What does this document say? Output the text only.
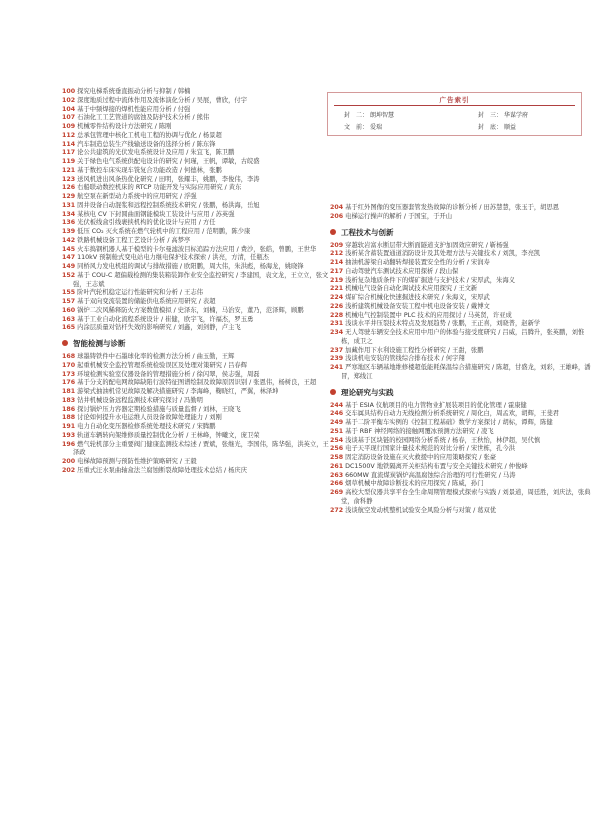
广告索引
封　二： 朗坤智慧	封　三： 华谋学府
文　前： 爱瑞	封　底： 顺益
100 探究电梯系统垂直振动分析与抑制 / 韩楠
102 深度地质过程中流体作用及流体演化分析 / 吴展，曹欣，付宇
104 基于中频焊接的焊机性能应用分析 / 付强
107 石油化工工艺管道的腐蚀及防护技术分析 / 熊伟
109 机械零件结构设计方法研究 / 陈刚
112 总承包管理中核化工机电工程的协调与优化 / 杨景超
114 汽车制造总装生产线输送设备的选择分析 / 陈东锋
117 论公共建筑的光伏发电系统设计及应用 / 朱宜飞，陈卫鹏
119 关于绿色电气系统供配电设计的研究 / 何瑾，王帆，谭敏，古皖盛
121 基于数控车床实现车铣复合功能改造 / 何德林，张鹏
123 送风机进出风条热优化研究 / 田明，张耀丰，姚鹏，李俊伟，李涛
126 右船联动数控机床的 RTCP 功能开发与实际应用研究 / 黄东
129 航空泵在新型动力系统中的应用研究 / 浮强
131 固井设备自动混浆和远程控制系统技术研究 / 张鹏，杨洪海，岳旭
134 某核电 CV 下封圆曲面钢能模块工装设计与应用 / 苏英强
136 光伏板线盒引线裹挟机构的优化设计与应用 / 方任
139 低压 CO₂ 灭火系统在燃气轮机中的工程应用 / 范明鹏，陈少康
142 铁路机械设备工程工艺设计分析 / 高梦亭
145 火车捣钢机器人基于模型的卡尔曼滤波目标追踪方法应用 / 费沙，张皓，曾鹏，王世华
147 110kV 预制舱式变电站电力继电保护技术探索 / 洪亮，方清，任瓶杰
149 同桥风力发电机组的调试与排故措施 / 欧阳鹏，周大伟，朱洪彪，杨海龙，姚晓锋
152 基于 COU-C 超偏载检测的集装箱装卸作业安全监控研究 / 李建国，袁文龙，王立立，张文强，王志斌
155 阶叶汽轮机稳定运行性能研究和分析 / 王志伟
157 基于双向变流装置的储能供电系统应用研究 / 表超
160 锅炉二次风稀释防火方案数值模拟 / 史泽东，刘楠，马治安，董乃，范泽辉，顾鹏
163 基于工业自动化流程系统设计 / 崔健，欧宇飞，许福杰，罗玉勇
165 内涂层质量对钻杆失效的影响研究 / 刘鑫，刘剑静，卢主飞
智能检测与诊断
168 球墨铸铁件中石墨球化率的检测方法分析 / 曲玉勤，王辉
170 起重机械安全监控管理系统检验误区及处理对策研究 / 吕春辉
173 环境检测实验室仪器设备的管理措施分析 / 徐闪翠，侯志强，周磊
176 基于分支的配电网故障缺陷行波特征图谱绘制及故障原因识别 / 张恩伟，杨树良，王超
181 游梁式抽油机常见故障及解决措施研究 / 李海峰，鞠晓红，严翼，林泽坤
183 钻井机械设备远程监测技术研究探讨 / 冯勤明
186 探讨锅炉压力容器定期检验措施与质量监督 / 刘林，王晓飞
188 讨论如何提升水电运维人员设备故障处理能力 / 刘刚
191 电力自动化变压器检修系统处理技术研究 / 宋腾鹏
193 轨道车辆转向架维修质量控制优化分析 / 王林峰，钟曦文，庞卫荣
196 燃气轮机部分主重要阀门健康监测技术综述 / 贾斌，张继光，李国伟，陈华强，洪英立，王泽政
200 电梯故障预测与预防性维护策略研究 / 王毅
202 压重式汪水泵曲轴盒法兰腐蚀断裂故障处理技术总结 / 杨庆庆
204 基于红外图像的变压器套管发热故障的诊断分析 / 田苏慧慧，张玉于，胡思恩
206 电梯运行操声的解析 / 于国宝，于开山
工程技术与创新
209 穿越软岩富水断层带大断面隧道支护加固效应研究 / 靳杨强
212 浅析某含蓄装置通道消防设计及其处理方法与关键技术 / 刘凯，李亮凯
214 抽油机游梁自动翻转焊接装置安全性的分析 / 宋润寿
217 自动驾驶汽车测试技术应用探析 / 段山保
219 浅析复杂地质条件下的煤矿掘进与支护技术 / 宋厚武，朱海义
221 机械电气设备自动化调试技术应用探究 / 王文新
224 煤矿综合机械化快速掘进技术研究 / 朱海义，宋厚武
226 浅析建筑机械设备安装工程中机电设备安装 / 戴博文
228 机械电气控制装置中 PLC 技术的应用探讨 / 马英贤，许亚成
231 浅谈水平井压裂技术特点及发展趋势 / 张鹏，王正喜，刘晓普，赵新学
234 无人驾驶车辆安全技术应用中用户的体验与接受度研究 / 吕威，吕腾升，张英鹏，刘惟栋，成卫之
237 加藏作用下水利设施工程性分析研究 / 王甜，张鹏
239 浅谈机电安装的管线综合排布技术 / 何宇翔
241 严寒地区车辆基地维修楼超低能耗保温综合措施研究 / 陈超，甘盛龙，刘彩，王雄峰，潘冒，郑线江
理论研究与实践
244 基于 ESIA 仪航项目的电力管物业扩展装项目的优化管理 / 霍康健
246 交车属具结构自动力无线检测分析系统研究 / 周化白，周孟欢，胡辉，王斐君
249 基于二阶平衡车实例的《控制工程基础》数学方案探讨 / 胡标，谭辉，陈健
251 基于 RBF 神经网络的接触网覆冰预测方法研究 / 凌飞
254 浅谈基于区块链的校园网络分析系统 / 杨春，王秋怡，林伊超，吴代慎
256 电子天平现行国家计量技术规范的对比分析 / 宋世栋，孔今洪
258 固定消防设备设施在灭火救援中的应用策略探究 / 张豪
261 DC1500V 地铁隔离开关柜结构布置与安全关键技术研究 / 仲俊峰
263 660MW 直流煤炭锅炉高温腐蚀综合治理的可行性研究 / 马涛
266 烟草机械中故障诊断技术的应用探究 / 陈威，孙门
269 高校大型仪器共享平台全生命周期管理模式探索与实践 / 刘景道，周廷胜，刘庆法，张典堂，俞科静
272 浅谈航空发动机整机试验安全风险分析与对策 / 葛双优
